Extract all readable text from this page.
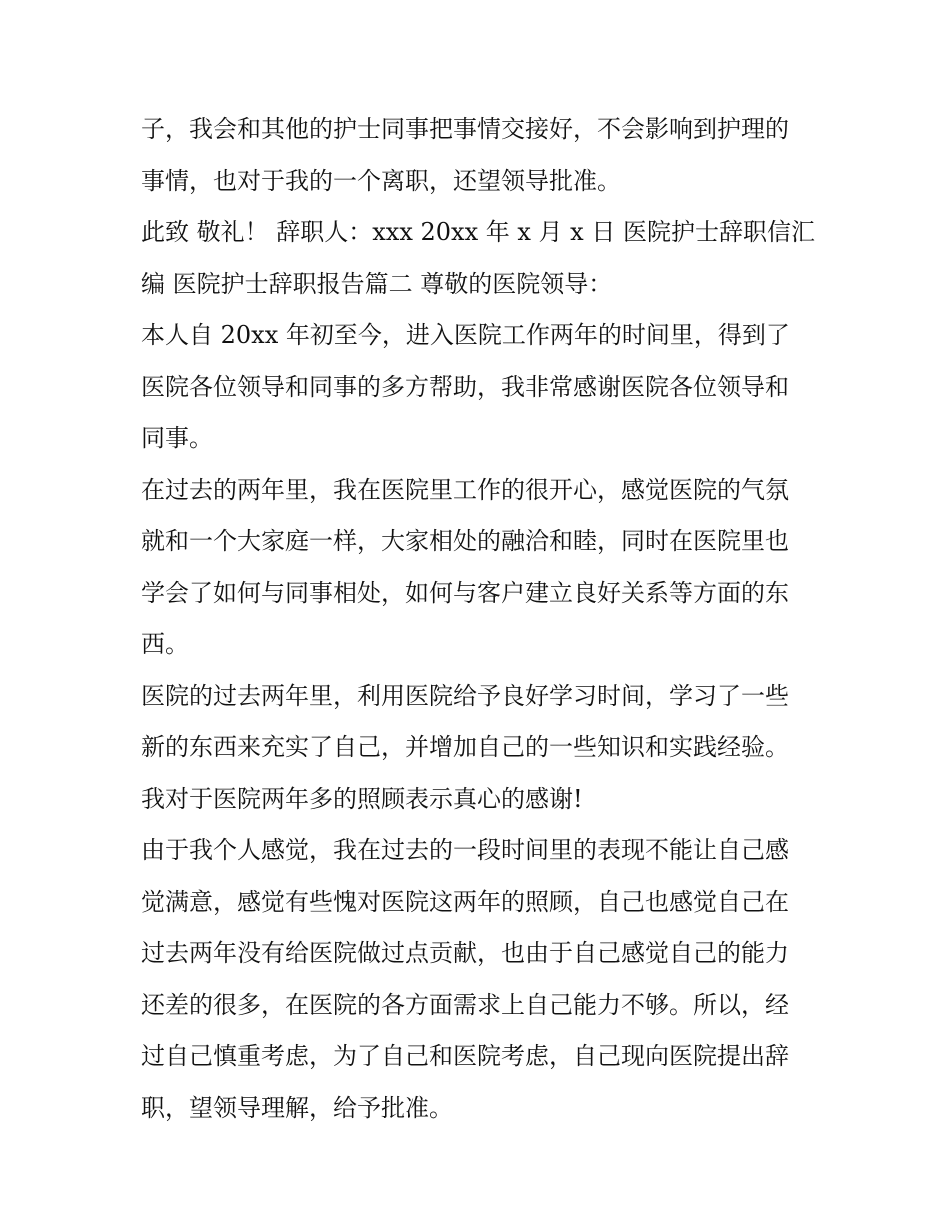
子，我会和其他的护士同事把事情交接好，不会影响到护理的
事情，也对于我的一个离职，还望领导批准。
此致 敬礼！ 辞职人：xxx 20xx 年 x 月 x 日 医院护士辞职信汇
编 医院护士辞职报告篇二 尊敬的医院领导：
本人自 20xx 年初至今，进入医院工作两年的时间里，得到了
医院各位领导和同事的多方帮助，我非常感谢医院各位领导和
同事。
在过去的两年里，我在医院里工作的很开心，感觉医院的气氛
就和一个大家庭一样，大家相处的融洽和睦，同时在医院里也
学会了如何与同事相处，如何与客户建立良好关系等方面的东
西。
医院的过去两年里，利用医院给予良好学习时间，学习了一些
新的东西来充实了自己，并增加自己的一些知识和实践经验。
我对于医院两年多的照顾表示真心的感谢!
由于我个人感觉，我在过去的一段时间里的表现不能让自己感
觉满意，感觉有些愧对医院这两年的照顾，自己也感觉自己在
过去两年没有给医院做过点贡献，也由于自己感觉自己的能力
还差的很多，在医院的各方面需求上自己能力不够。所以，经
过自己慎重考虑，为了自己和医院考虑，自己现向医院提出辞
职，望领导理解，给予批准。
